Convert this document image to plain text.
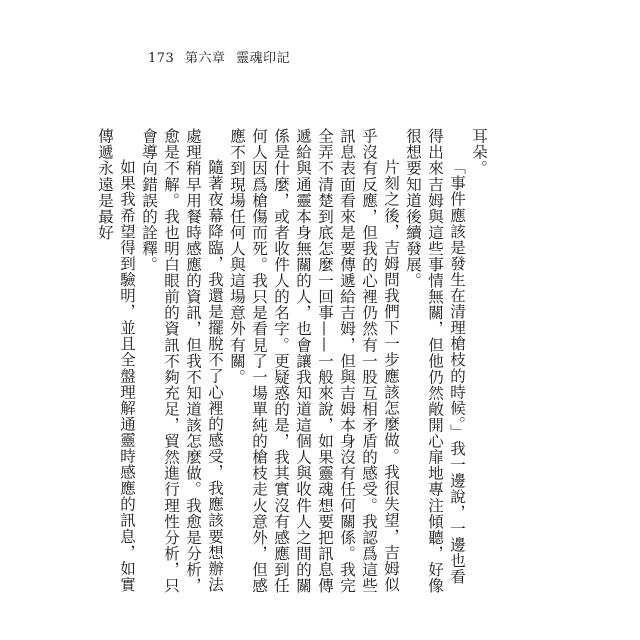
173 第六章 靈魂印記

耳朵。

「事件應該是發生在清理槍枝的時候。」我一邊說，一邊也看得出來吉姆與這些事情無關，但他仍然敞開心扉地專注傾聽，好像很想要知道後續發展。

片刻之後，吉姆問我們下一步應該怎麼做。我很失望，吉姆似乎沒有反應，但我的心裡仍然有一股互相矛盾的感受。我認爲這些訊息表面看來是要傳遞給吉姆，但與吉姆本身沒有任何關係。我完全弄不清楚到底怎麼一回事——一般來說，如果靈魂想要把訊息傳遞給與通靈本身無關的人，也會讓我知道這個人與收件人之間的關係是什麼，或者收件人的名字。更疑惑的是，我其實沒有感應到任何人因爲槍傷而死。我只是看見了一場單純的槍枝走火意外，但感應不到現場任何人與這場意外有關。

隨著夜幕降臨，我還是擺脫不了心裡的感受，我應該要想辦法處理稍早用餐時感應的資訊，但我不知道該怎麼做。我愈是分析，愈是不解。我也明白眼前的資訊不夠充足，貿然進行理性分析，只會導向錯誤的詮釋。

如果我希望得到驗明，並且全盤理解通靈時感應的訊息，如實傳遞永遠是最好
